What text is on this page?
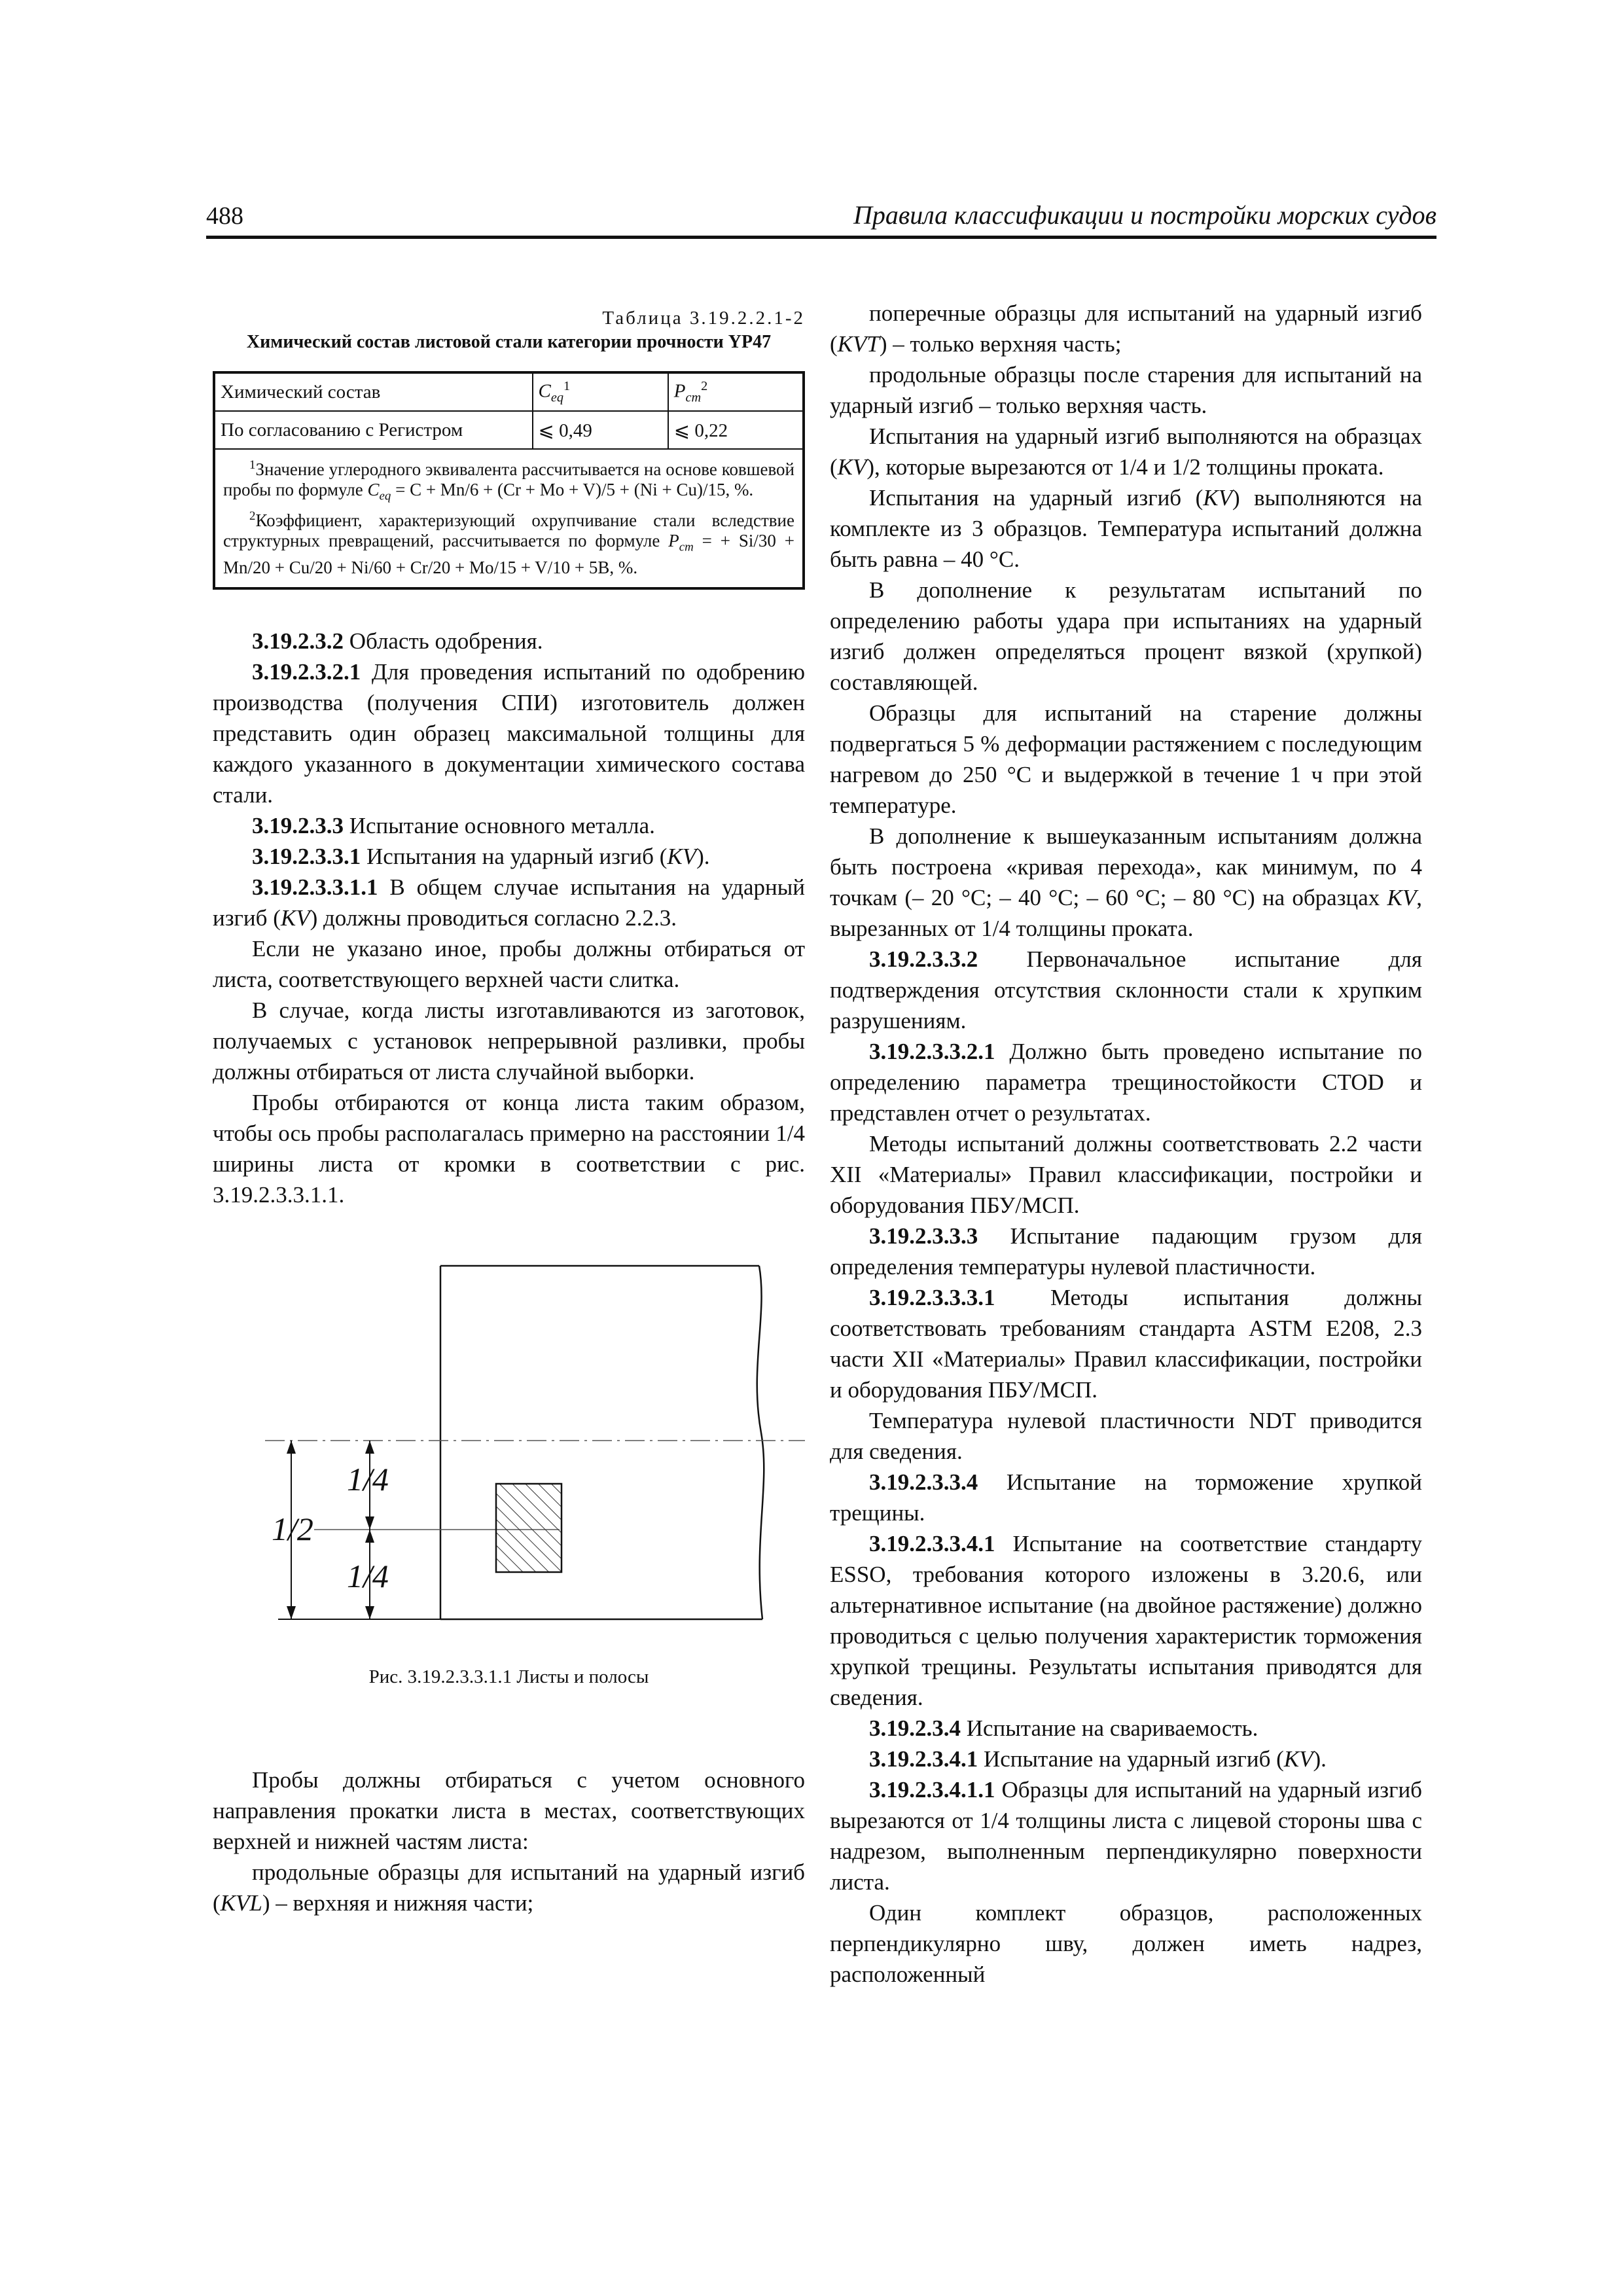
488	Правила классификации и постройки морских судов
Таблица 3.19.2.2.1-2
Химический состав листовой стали категории прочности YP47
Химический состав	$C_{eq}^1$	$P_{cm}^2$
По согласованию с Регистром	⩽ 0,49	⩽ 0,22

$^1$Значение углеродного эквивалента рассчитывается на основе ковшевой пробы по формуле $C_{eq} = C + Mn/6 + (Cr + Mo + V)/5 + (Ni + Cu)/15$, %.
$^2$Коэффициент, характеризующий охрупчивание стали вследствие структурных превращений, рассчитывается по формуле $P_{cm}$ = + Si/30 + Mn/20 + Cu/20 + Ni/60 + Cr/20 + Mo/15 + V/10 + 5B, %.		

3.19.2.3.2 Область одобрения.

3.19.2.3.2.1 Для проведения испытаний по одобрению производства (получения СПИ) изготовитель должен представить один образец максимальной толщины для каждого указанного в документации химического состава стали.

3.19.2.3.3 Испытание основного металла.

3.19.2.3.3.1 Испытания на ударный изгиб (KV).

3.19.2.3.3.1.1 В общем случае испытания на ударный изгиб (KV) должны проводиться согласно 2.2.3.

Если не указано иное, пробы должны отбираться от листа, соответствующего верхней части слитка.

В случае, когда листы изготавливаются из заготовок, получаемых с установок непрерывной разливки, пробы должны отбираться от листа случайной выборки.

Пробы отбираются от конца листа таким образом, чтобы ось пробы располагалась примерно на расстоянии 1/4 ширины листа от кромки в соответствии с рис. 3.19.2.3.3.1.1.

1/4
1/2
1/4

Рис. 3.19.2.3.3.1.1 Листы и полосы

Пробы должны отбираться с учетом основного направления прокатки листа в местах, соответствующих верхней и нижней частям листа:

продольные образцы для испытаний на ударный изгиб (KVL) – верхняя и нижняя части;

поперечные образцы для испытаний на ударный изгиб (KVT) – только верхняя часть;

продольные образцы после старения для испытаний на ударный изгиб – только верхняя часть.

Испытания на ударный изгиб выполняются на образцах (KV), которые вырезаются от 1/4 и 1/2 толщины проката.

Испытания на ударный изгиб (KV) выполняются на комплекте из 3 образцов. Температура испытаний должна быть равна – 40 °С.

В дополнение к результатам испытаний по определению работы удара при испытаниях на ударный изгиб должен определяться процент вязкой (хрупкой) составляющей.

Образцы для испытаний на старение должны подвергаться 5 % деформации растяжением с последующим нагревом до 250 °С и выдержкой в течение 1 ч при этой температуре.

В дополнение к вышеуказанным испытаниям должна быть построена «кривая перехода», как минимум, по 4 точкам (– 20 °С; – 40 °С; – 60 °С; – 80 °С) на образцах KV, вырезанных от 1/4 толщины проката.

3.19.2.3.3.2 Первоначальное испытание для подтверждения отсутствия склонности стали к хрупким разрушениям.

3.19.2.3.3.2.1 Должно быть проведено испытание по определению параметра трещиностойкости CTOD и представлен отчет о результатах.

Методы испытаний должны соответствовать 2.2 части XII «Материалы» Правил классификации, постройки и оборудования ПБУ/МСП.

3.19.2.3.3.3 Испытание падающим грузом для определения температуры нулевой пластичности.

3.19.2.3.3.3.1 Методы испытания должны соответствовать требованиям стандарта ASTM E208, 2.3 части XII «Материалы» Правил классификации, постройки и оборудования ПБУ/МСП.

Температура нулевой пластичности NDT приводится для сведения.

3.19.2.3.3.4 Испытание на торможение хрупкой трещины.

3.19.2.3.3.4.1 Испытание на соответствие стандарту ESSO, требования которого изложены в 3.20.6, или альтернативное испытание (на двойное растяжение) должно проводиться с целью получения характеристик торможения хрупкой трещины. Результаты испытания приводятся для сведения.

3.19.2.3.4 Испытание на свариваемость.

3.19.2.3.4.1 Испытание на ударный изгиб (KV).

3.19.2.3.4.1.1 Образцы для испытаний на ударный изгиб вырезаются от 1/4 толщины листа с лицевой стороны шва с надрезом, выполненным перпендикулярно поверхности листа.

Один комплект образцов, расположенных перпендикулярно шву, должен иметь надрез, расположенный
